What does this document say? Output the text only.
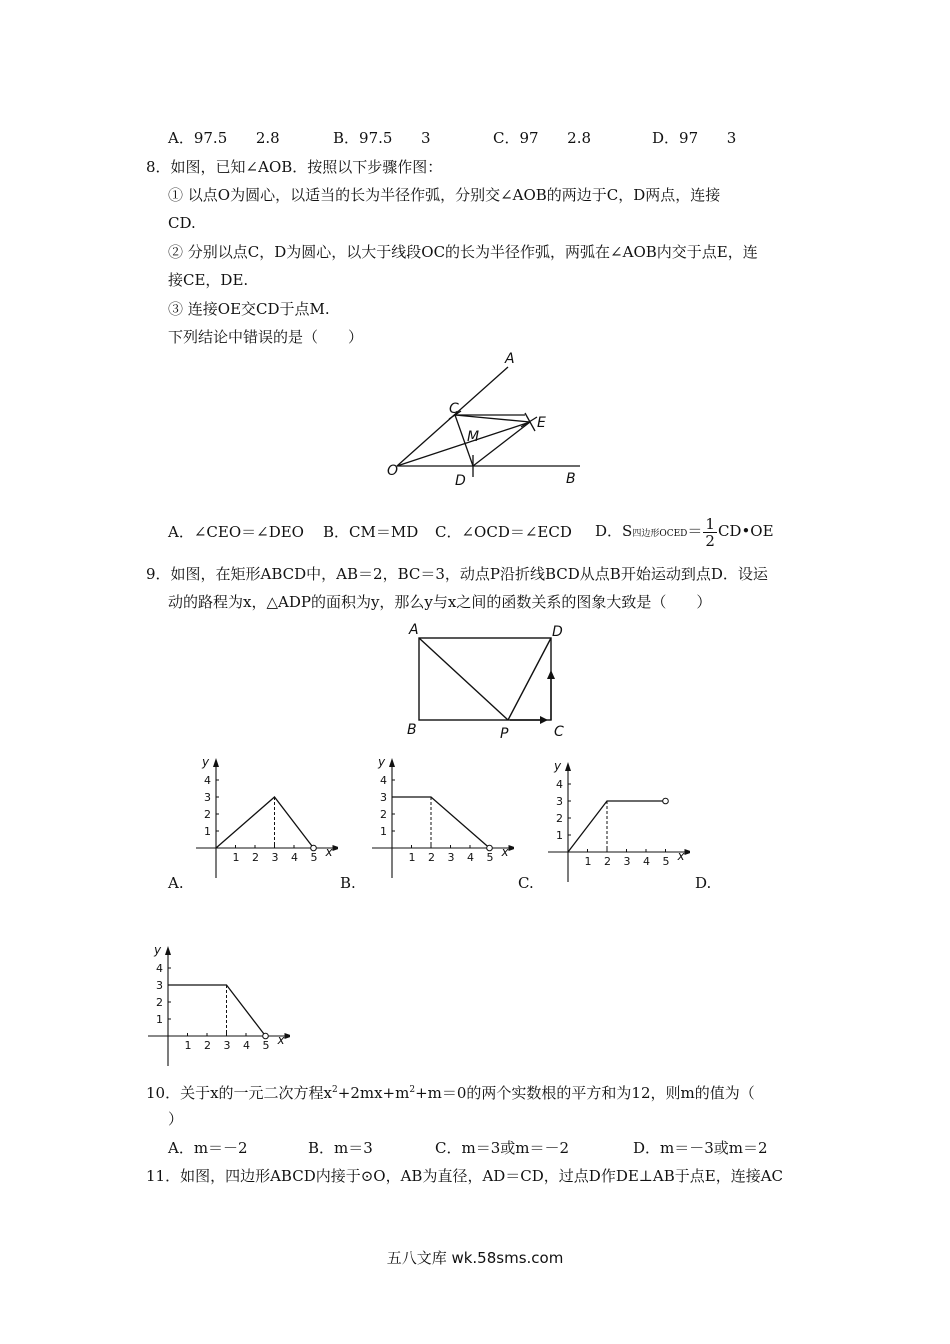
A．97.5      2.8	B．97.5      3	C．97      2.8	D．97      3
8．如图，已知∠AOB．按照以下步骤作图：
① 以点O为圆心，以适当的长为半径作弧，分别交∠AOB的两边于C，D两点，连接
CD.
② 分别以点C，D为圆心，以大于线段OC的长为半径作弧，两弧在∠AOB内交于点E，连
接CE，DE.
③ 连接OE交CD于点M.
下列结论中错误的是（　　）
A
C
E
M
O
D	B
A．∠CEO＝∠DEO B．CM＝MD C．∠OCD＝∠ECD D．S四边形OCED＝ $\frac{1}{2}$ CD•OE
9．如图，在矩形ABCD中，AB＝2，BC＝3，动点P沿折线BCD从点B开始运动到点D．设运
动的路程为x，△ADP的面积为y，那么y与x之间的函数关系的图象大致是（　　）
A	D
B	P	C
A.	B.	C.	D.
1 2 3 4 5
1
2
3
4
x
y
1 2 3 4 5
1
2
3
4
x
y
1 2 3 4 5
1
2
3
4
x
y
1 2 3 4 5
1
2
3
4
x
y
10．关于x的一元二次方程$x^2+2mx+m^2+m=0$的两个实数根的平方和为12，则m的值为（
）
A．m＝－2	B．m＝3	C．m＝3或m＝－2	D．m＝－3或m＝2
11．如图，四边形ABCD内接于⊙O，AB为直径，AD＝CD，过点D作DE⊥AB于点E，连接AC
五八文库 wk.58sms.com
